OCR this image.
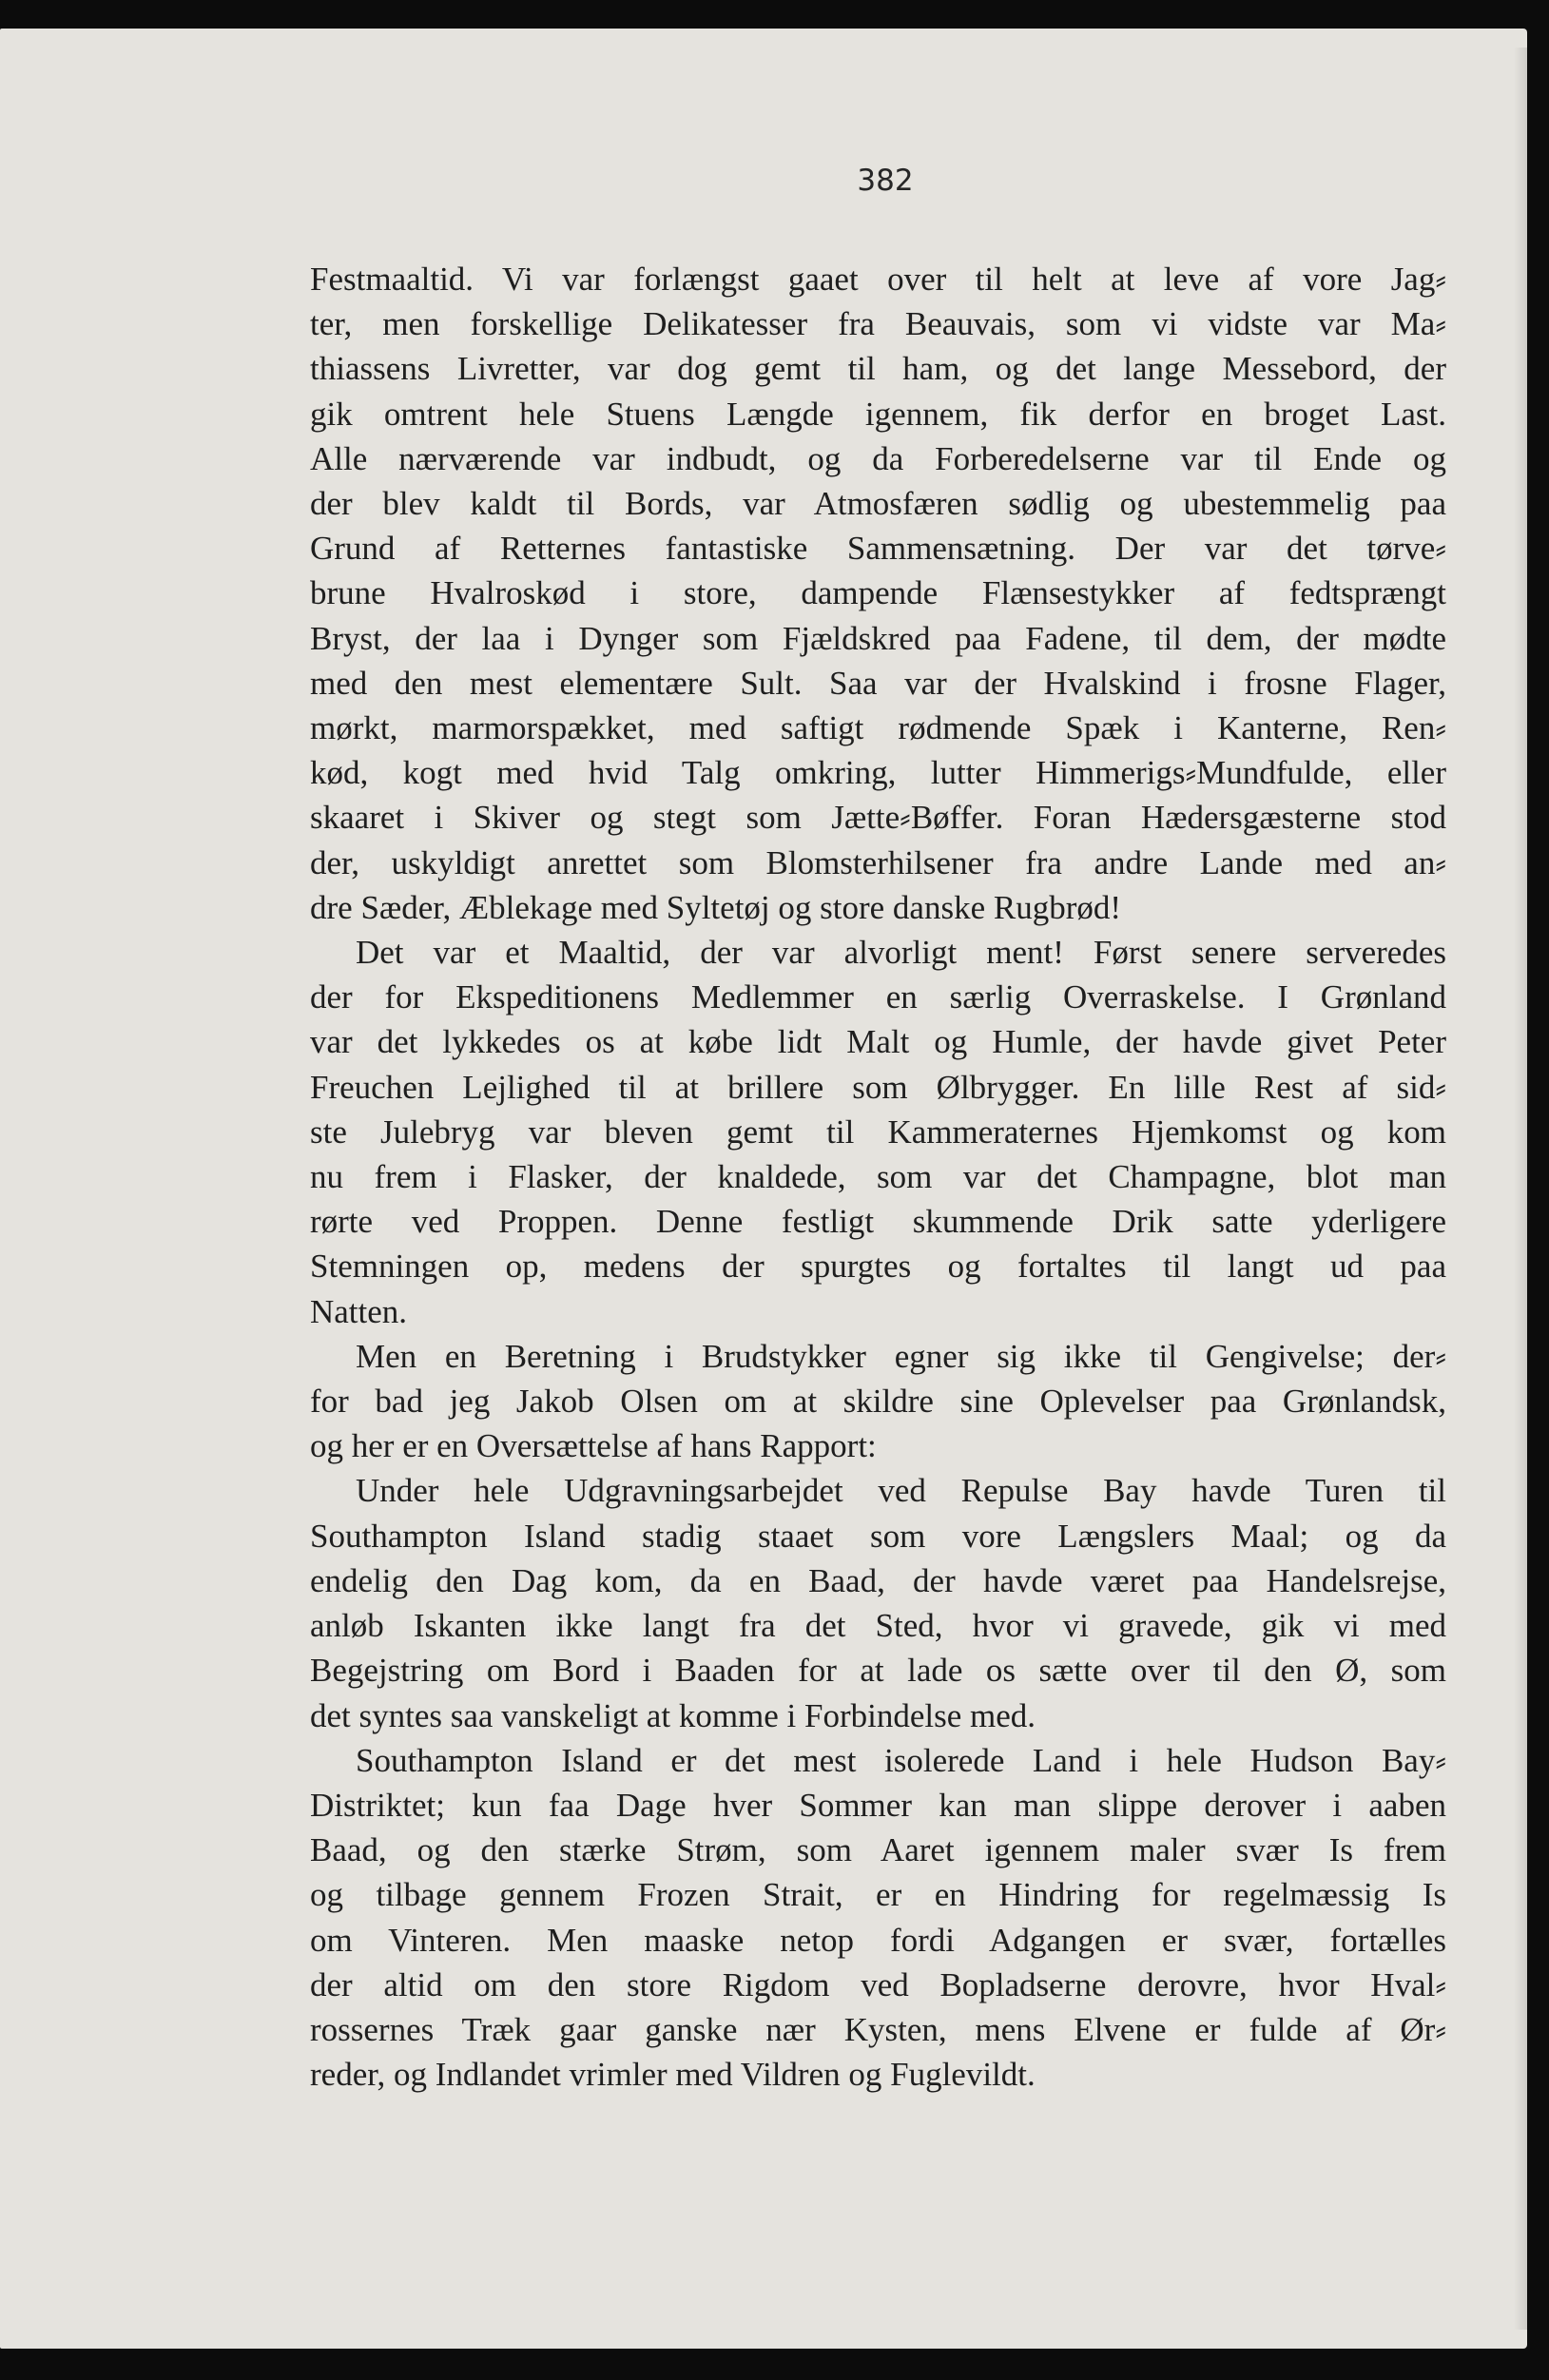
382

Festmaaltid. Vi var forlængst gaaet over til helt at leve af vore Jag⸗
ter, men forskellige Delikatesser fra Beauvais, som vi vidste var Ma⸗
thiassens Livretter, var dog gemt til ham, og det lange Messebord, der
gik omtrent hele Stuens Længde igennem, fik derfor en broget Last.
Alle nærværende var indbudt, og da Forberedelserne var til Ende og
der blev kaldt til Bords, var Atmosfæren sødlig og ubestemmelig paa
Grund af Retternes fantastiske Sammensætning. Der var det tørve⸗
brune Hvalroskød i store, dampende Flænsestykker af fedtsprængt
Bryst, der laa i Dynger som Fjældskred paa Fadene, til dem, der mødte
med den mest elementære Sult. Saa var der Hvalskind i frosne Flager,
mørkt, marmorspækket, med saftigt rødmende Spæk i Kanterne, Ren⸗
kød, kogt med hvid Talg omkring, lutter Himmerigs⸗Mundfulde, eller
skaaret i Skiver og stegt som Jætte⸗Bøffer. Foran Hædersgæsterne stod
der, uskyldigt anrettet som Blomsterhilsener fra andre Lande med an⸗
dre Sæder, Æblekage med Syltetøj og store danske Rugbrød!
Det var et Maaltid, der var alvorligt ment! Først senere serveredes
der for Ekspeditionens Medlemmer en særlig Overraskelse. I Grønland
var det lykkedes os at købe lidt Malt og Humle, der havde givet Peter
Freuchen Lejlighed til at brillere som Ølbrygger. En lille Rest af sid⸗
ste Julebryg var bleven gemt til Kammeraternes Hjemkomst og kom
nu frem i Flasker, der knaldede, som var det Champagne, blot man
rørte ved Proppen. Denne festligt skummende Drik satte yderligere
Stemningen op, medens der spurgtes og fortaltes til langt ud paa
Natten.
Men en Beretning i Brudstykker egner sig ikke til Gengivelse; der⸗
for bad jeg Jakob Olsen om at skildre sine Oplevelser paa Grønlandsk,
og her er en Oversættelse af hans Rapport:
Under hele Udgravningsarbejdet ved Repulse Bay havde Turen til
Southampton Island stadig staaet som vore Længslers Maal; og da
endelig den Dag kom, da en Baad, der havde været paa Handelsrejse,
anløb Iskanten ikke langt fra det Sted, hvor vi gravede, gik vi med
Begejstring om Bord i Baaden for at lade os sætte over til den Ø, som
det syntes saa vanskeligt at komme i Forbindelse med.
Southampton Island er det mest isolerede Land i hele Hudson Bay⸗
Distriktet; kun faa Dage hver Sommer kan man slippe derover i aaben
Baad, og den stærke Strøm, som Aaret igennem maler svær Is frem
og tilbage gennem Frozen Strait, er en Hindring for regelmæssig Is
om Vinteren. Men maaske netop fordi Adgangen er svær, fortælles
der altid om den store Rigdom ved Bopladserne derovre, hvor Hval⸗
rossernes Træk gaar ganske nær Kysten, mens Elvene er fulde af Ør⸗
reder, og Indlandet vrimler med Vildren og Fuglevildt.
